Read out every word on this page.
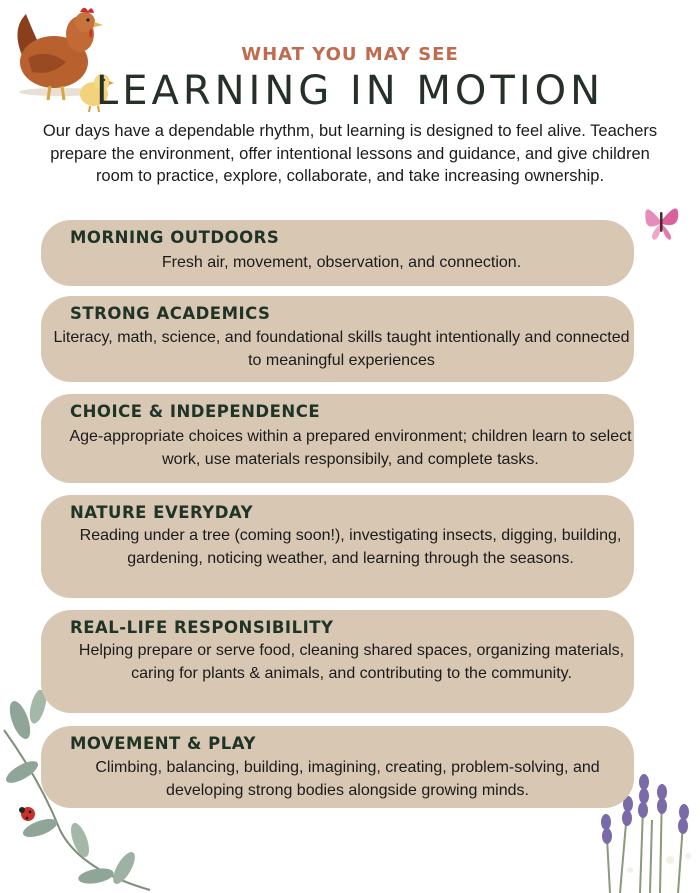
WHAT YOU MAY SEE
LEARNING IN MOTION
Our days have a dependable rhythm, but learning is designed to feel alive. Teachers prepare the environment, offer intentional lessons and guidance, and give children room to practice, explore, collaborate, and take increasing ownership.
MORNING OUTDOORS
Fresh air, movement, observation, and connection.
STRONG ACADEMICS
Literacy, math, science, and foundational skills taught intentionally and connected to meaningful experiences
CHOICE & INDEPENDENCE
Age-appropriate choices within a prepared environment; children learn to select work, use materials responsibily, and complete tasks.
NATURE EVERYDAY
Reading under a tree (coming soon!), investigating insects, digging, building, gardening, noticing weather, and learning through the seasons.
REAL-LIFE RESPONSIBILITY
Helping prepare or serve food, cleaning shared spaces, organizing materials, caring for plants & animals, and contributing to the community.
MOVEMENT & PLAY
Climbing, balancing, building, imagining, creating, problem-solving, and developing strong bodies alongside growing minds.
